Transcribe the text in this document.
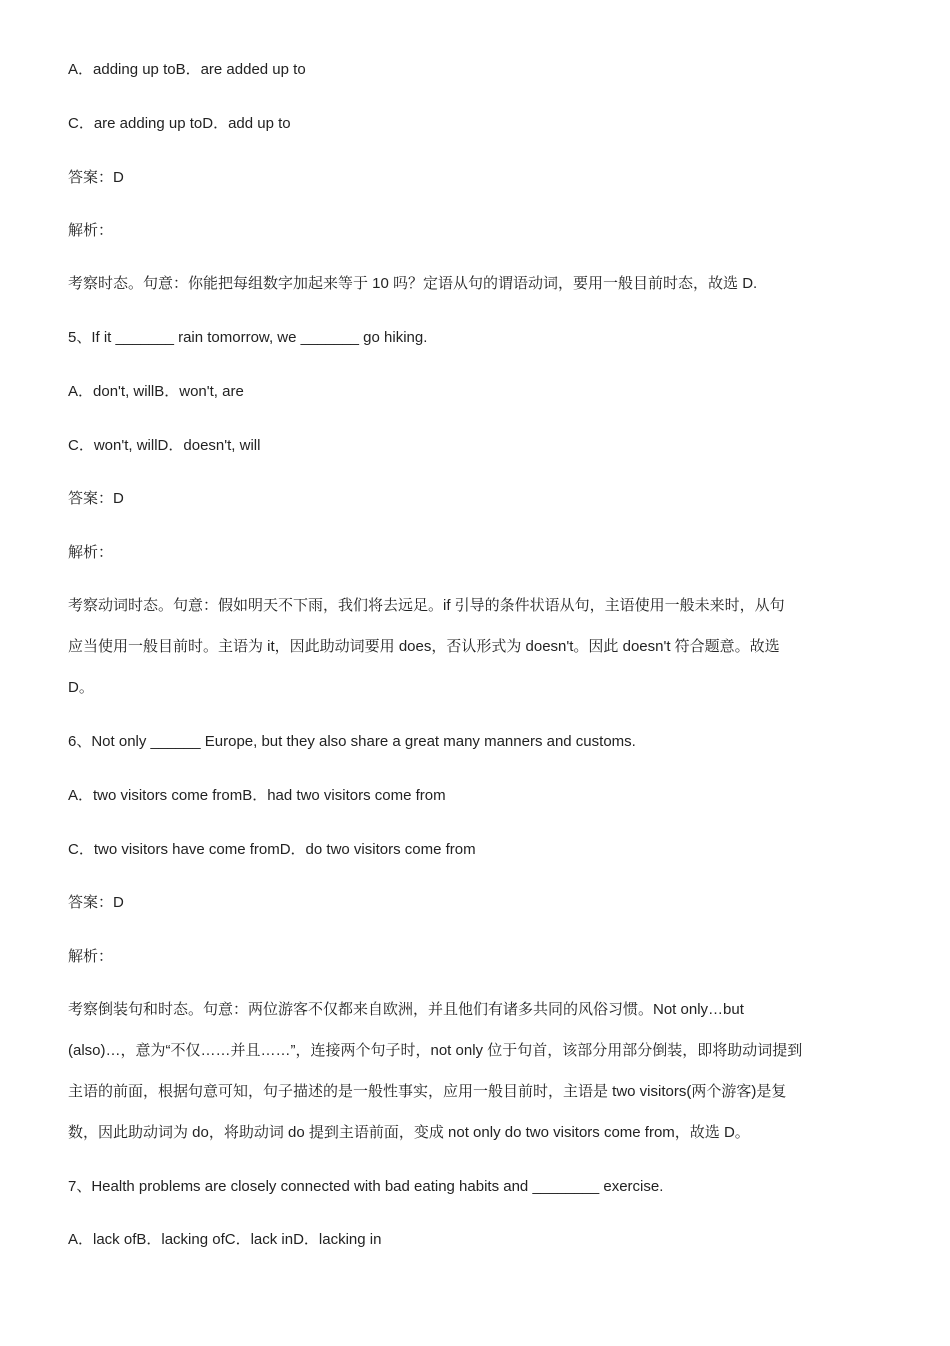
A．adding up toB．are added up to
C．are adding up toD．add up to
答案：D
解析：
考察时态。句意：你能把每组数字加起来等于 10 吗？定语从句的谓语动词，要用一般目前时态，故选 D.
5、If it _______ rain tomorrow, we _______ go hiking.
A．don't, willB．won't, are
C．won't, willD．doesn't, will
答案：D
解析：
考察动词时态。句意：假如明天不下雨，我们将去远足。if 引导的条件状语从句，主语使用一般未来时，从句
应当使用一般目前时。主语为 it，因此助动词要用 does，否认形式为 doesn't。因此 doesn't 符合题意。故选
D。
6、Not only ______ Europe, but they also share a great many manners and customs.
A．two visitors come fromB．had two visitors come from
C．two visitors have come fromD．do two visitors come from
答案：D
解析：
考察倒装句和时态。句意：两位游客不仅都来自欧洲，并且他们有诸多共同的风俗习惯。Not only…but
(also)…，意为“不仅……并且……”，连接两个句子时，not only 位于句首，该部分用部分倒装，即将助动词提到
主语的前面，根据句意可知，句子描述的是一般性事实，应用一般目前时，主语是 two visitors(两个游客)是复
数，因此助动词为 do，将助动词 do 提到主语前面，变成 not only do two visitors come from，故选 D。
7、Health problems are closely connected with bad eating habits and ________ exercise.
A．lack ofB．lacking ofC．lack inD．lacking in
